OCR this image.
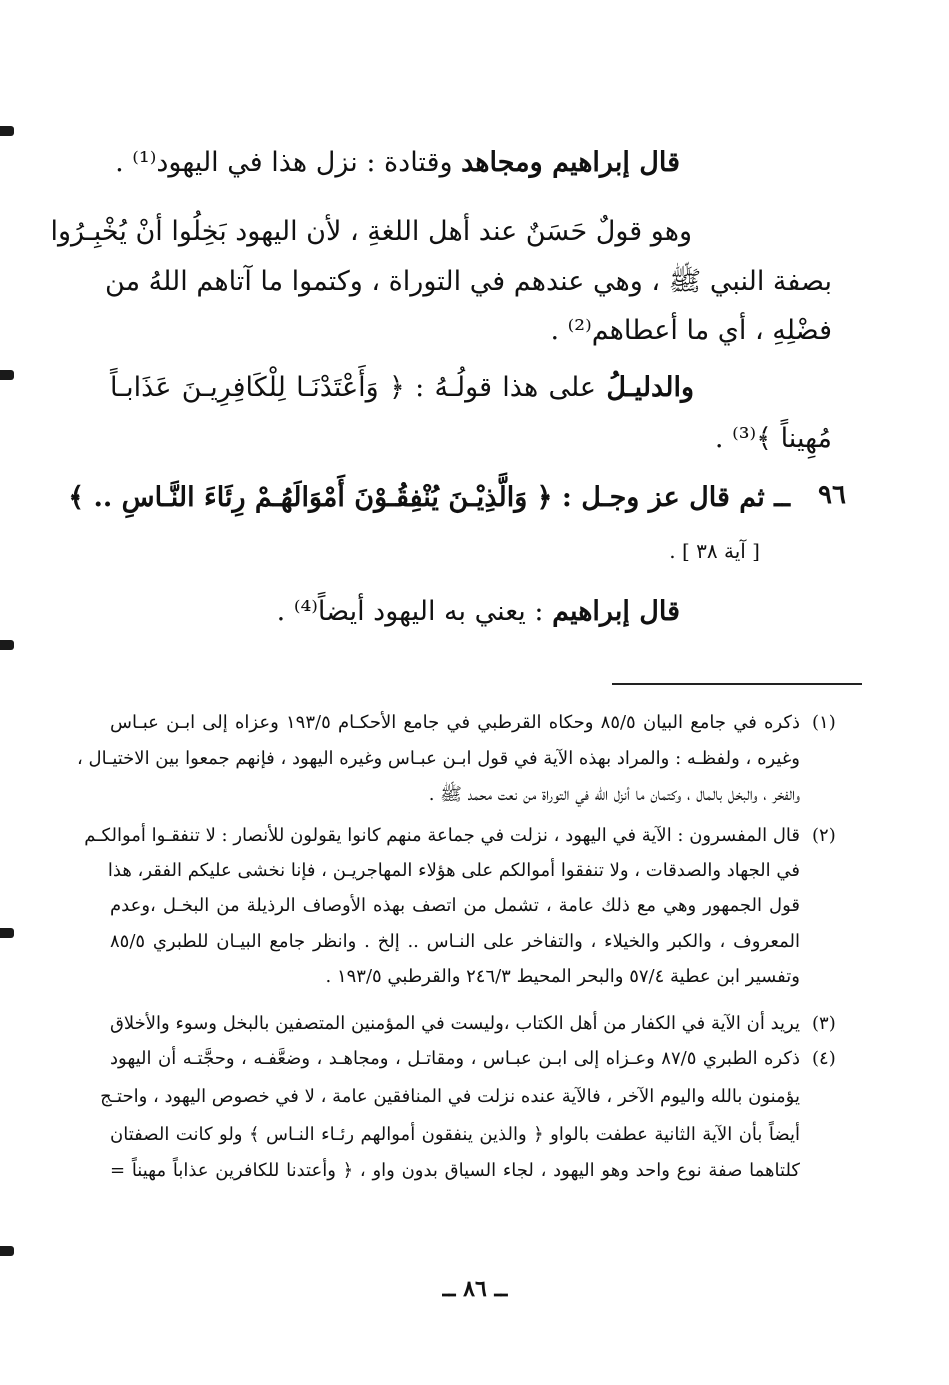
قال إبراهيم ومجاهد وقتادة : نزل هذا في اليهود⁽¹⁾ .
وهو قولٌ حَسَنٌ عند أهل اللغةِ ، لأن اليهود بَخِلُوا أنْ يُخْبِـرُوا
بصفة النبي ﷺ ، وهي عندهم في التوراة ، وكتموا ما آتاهم اللهُ من
فضْلِهِ ، أي ما أعطاهم⁽²⁾ .
والدليـلُ على هذا قولُـهُ : ﴿ وَأَعْتَدْنَـا لِلْكَافِرِيـنَ عَذَابـاً
مُهِيناً ﴾⁽³⁾ .
٩٦
ــ ثم قال عز وجـل : ﴿ وَالَّذِيْـنَ يُنْفِقُـوْنَ أَمْوَالَهُـمْ رِئَاءَ النَّـاسِ .. ﴾
[ آية ٣٨ ] .
قال إبراهيم : يعني به اليهود أيضاً⁽⁴⁾ .
(١)
ذكره في جامع البيان ٨٥/٥ وحكاه القرطبي في جامع الأحكـام ١٩٣/٥ وعزاه إلى ابـن عبـاس
وغيره ، ولفظـه : والمراد بهذه الآية في قول ابـن عبـاس وغيره اليهود ، فإنهم جمعوا بين الاختيـال ،
والفخر ، والبخل بالمال ، وكتمان ما أنزل الله في التوراة من نعت محمد ﷺ .
(٢)
قال المفسرون : الآية في اليهود ، نزلت في جماعة منهم كانوا يقولون للأنصار : لا تنفقـوا أموالكـم
في الجهاد والصدقات ، ولا تنفقوا أموالكم على هؤلاء المهاجريـن ، فإنا نخشى عليكم الفقر، هذا
قول الجمهور وهي مع ذلك عامة ، تشمل من اتصف بهذه الأوصاف الرذيلة من البخـل ،وعدم
المعروف ، والكبر والخيلاء ، والتفاخر على النـاس .. إلخ . وانظر جامع البيـان للطبري ٨٥/٥
وتفسير ابن عطية ٥٧/٤ والبحر المحيط ٢٤٦/٣ والقرطبي ١٩٣/٥ .
(٣)
يريد أن الآية في الكفار من أهل الكتاب ،وليست في المؤمنين المتصفين بالبخل وسوء والأخلاق
(٤)
ذكره الطبري ٨٧/٥ وعـزاه إلى ابـن عبـاس ، ومقاتـل ، ومجاهـد ، وضعَّفـه ، وحجَّتـه أن اليهود
يؤمنون بالله واليوم الآخر ، فالآية عنده نزلت في المنافقين عامة ، لا في خصوص اليهود ، واحتـج
أيضاً بأن الآية الثانية عطفت بالواو ﴿ والذين ينفقون أموالهم رئـاء النـاس ﴾ ولو كانت الصفتان
كلتاهما صفة نوع واحد وهو اليهود ، لجاء السياق بدون واو ، ﴿ وأعتدنا للكافرين عذاباً مهيناً =
ــ ٨٦ ــ
